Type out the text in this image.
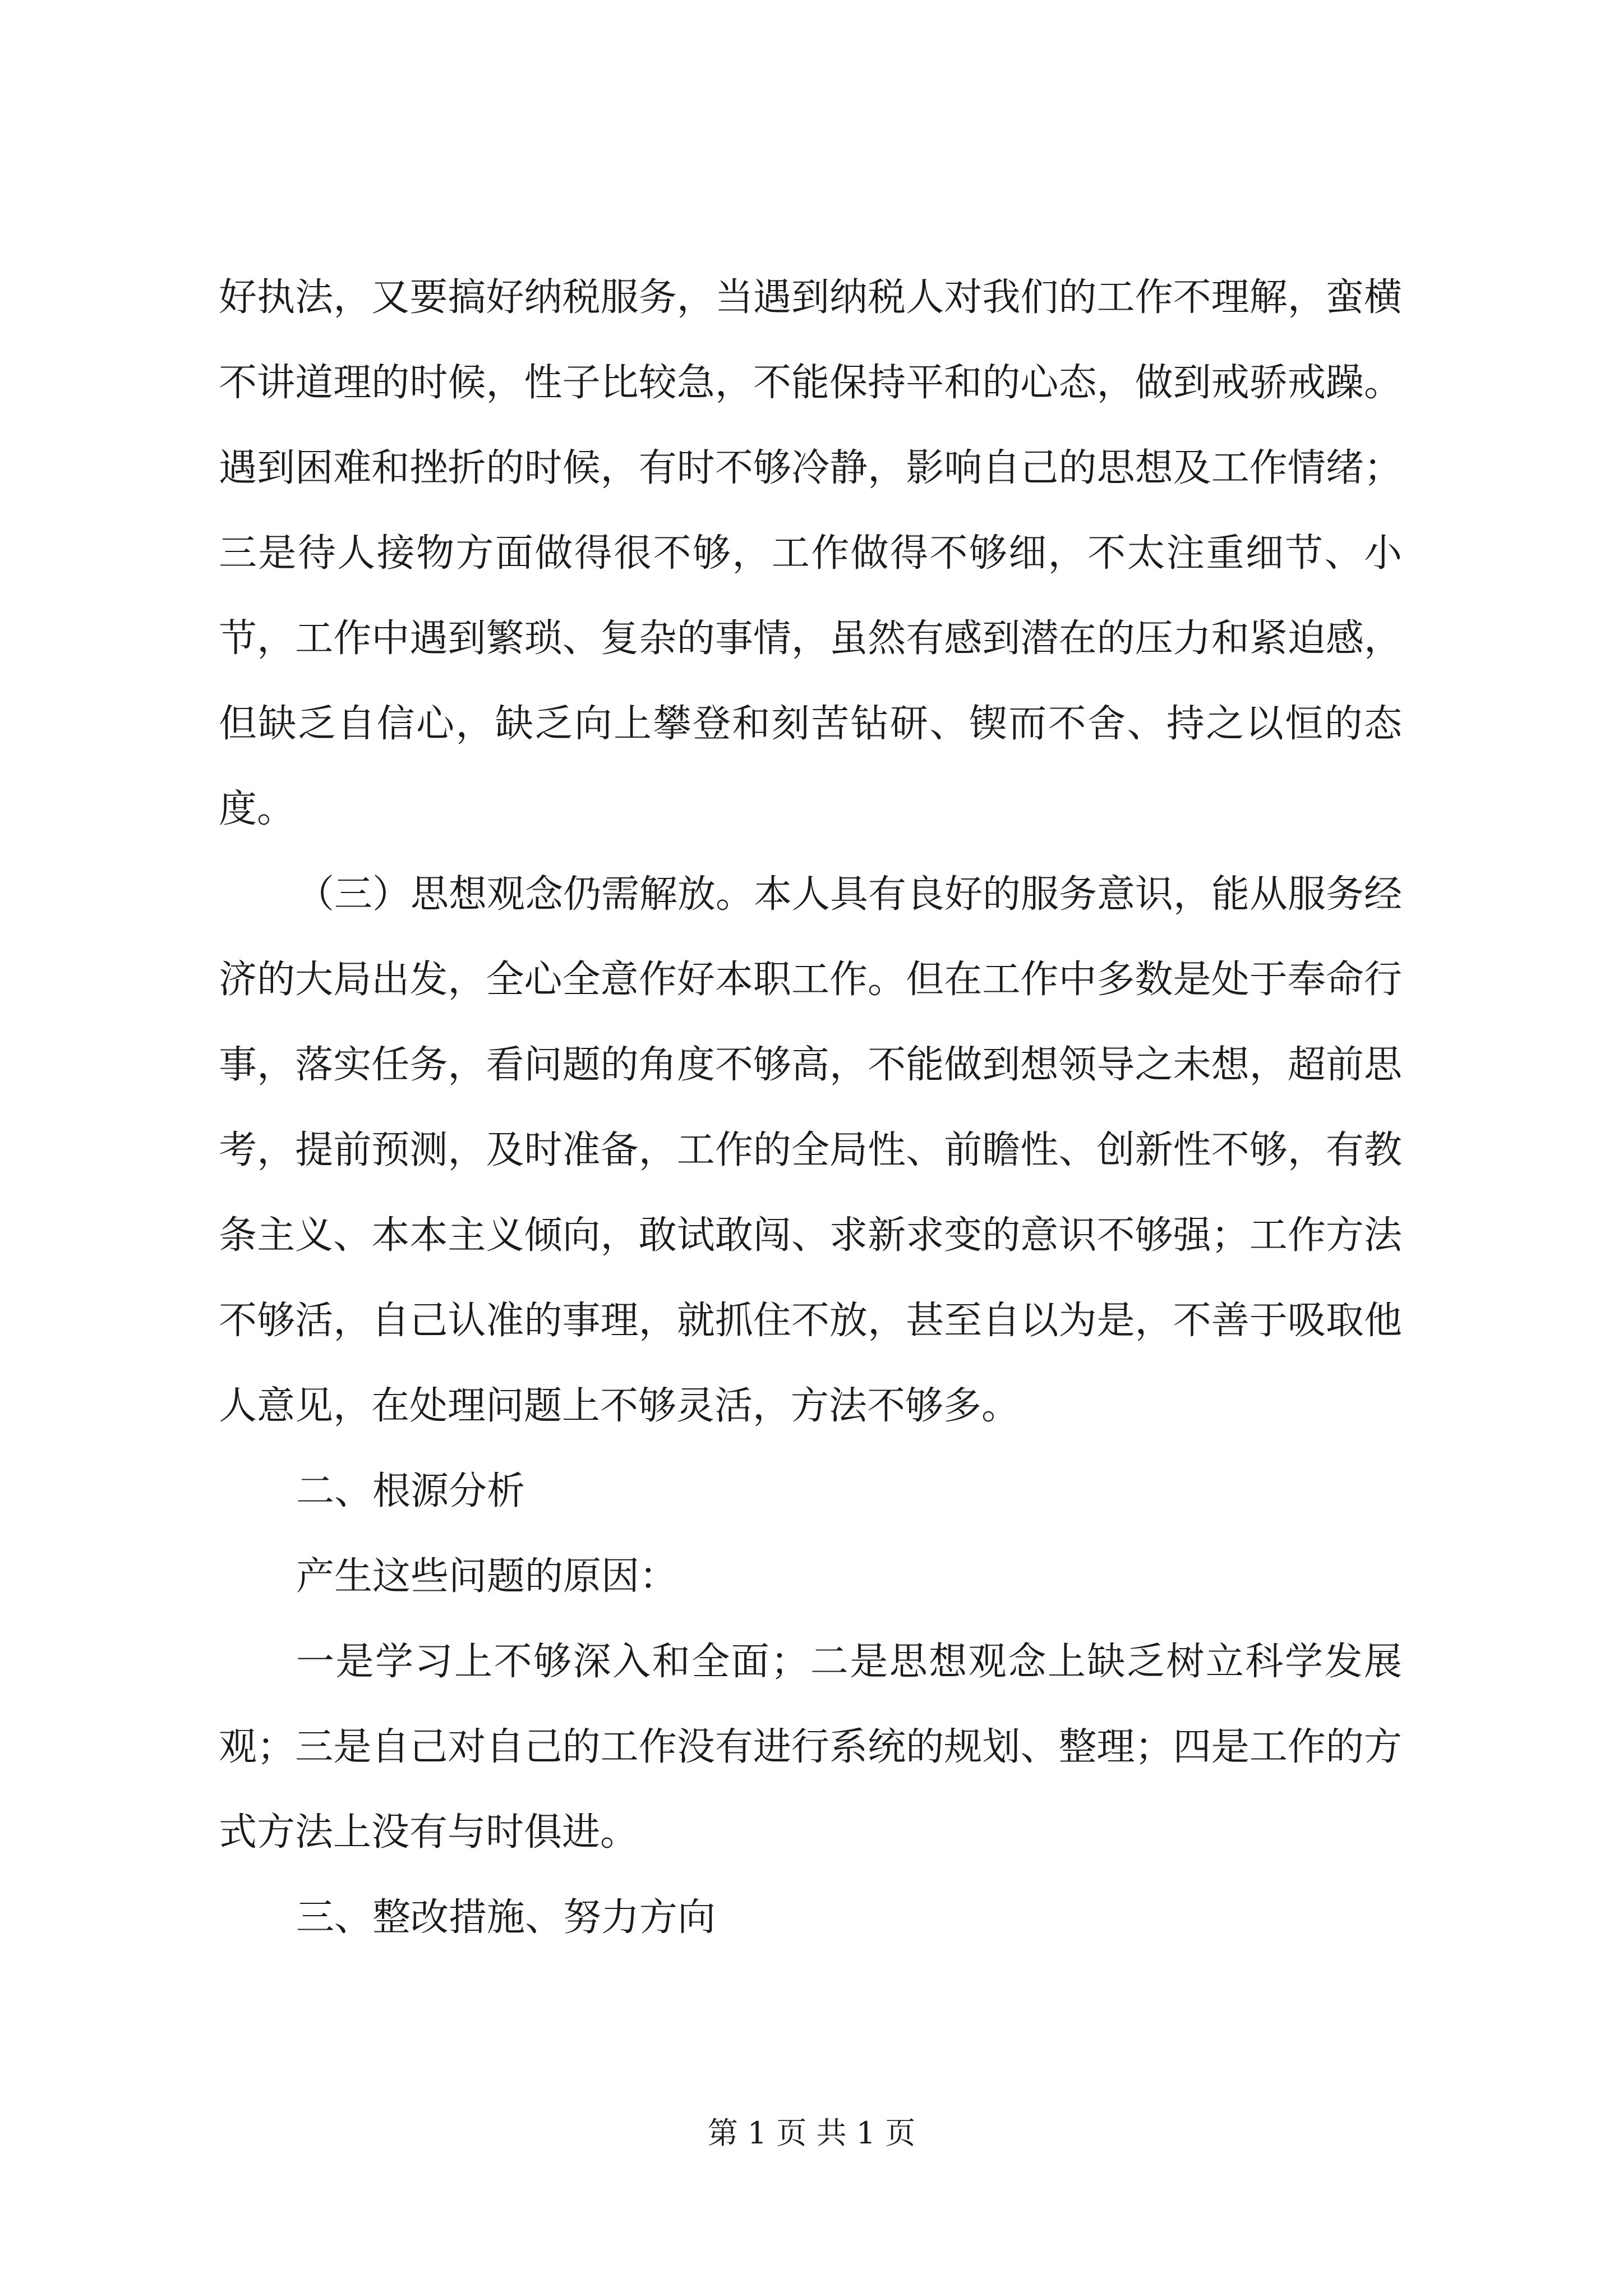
好执法，又要搞好纳税服务，当遇到纳税人对我们的工作不理解，蛮横不讲道理的时候，性子比较急，不能保持平和的心态，做到戒骄戒躁。遇到困难和挫折的时候，有时不够冷静，影响自己的思想及工作情绪；三是待人接物方面做得很不够，工作做得不够细，不太注重细节、小节，工作中遇到繁琐、复杂的事情，虽然有感到潜在的压力和紧迫感，但缺乏自信心，缺乏向上攀登和刻苦钻研、锲而不舍、持之以恒的态度。

（三）思想观念仍需解放。本人具有良好的服务意识，能从服务经济的大局出发，全心全意作好本职工作。但在工作中多数是处于奉命行事，落实任务，看问题的角度不够高，不能做到想领导之未想，超前思考，提前预测，及时准备，工作的全局性、前瞻性、创新性不够，有教条主义、本本主义倾向，敢试敢闯、求新求变的意识不够强；工作方法不够活，自己认准的事理，就抓住不放，甚至自以为是，不善于吸取他人意见，在处理问题上不够灵活，方法不够多。

二、根源分析

产生这些问题的原因：

一是学习上不够深入和全面；二是思想观念上缺乏树立科学发展观；三是自己对自己的工作没有进行系统的规划、整理；四是工作的方式方法上没有与时俱进。

三、整改措施、努力方向

第 1 页 共 1 页
